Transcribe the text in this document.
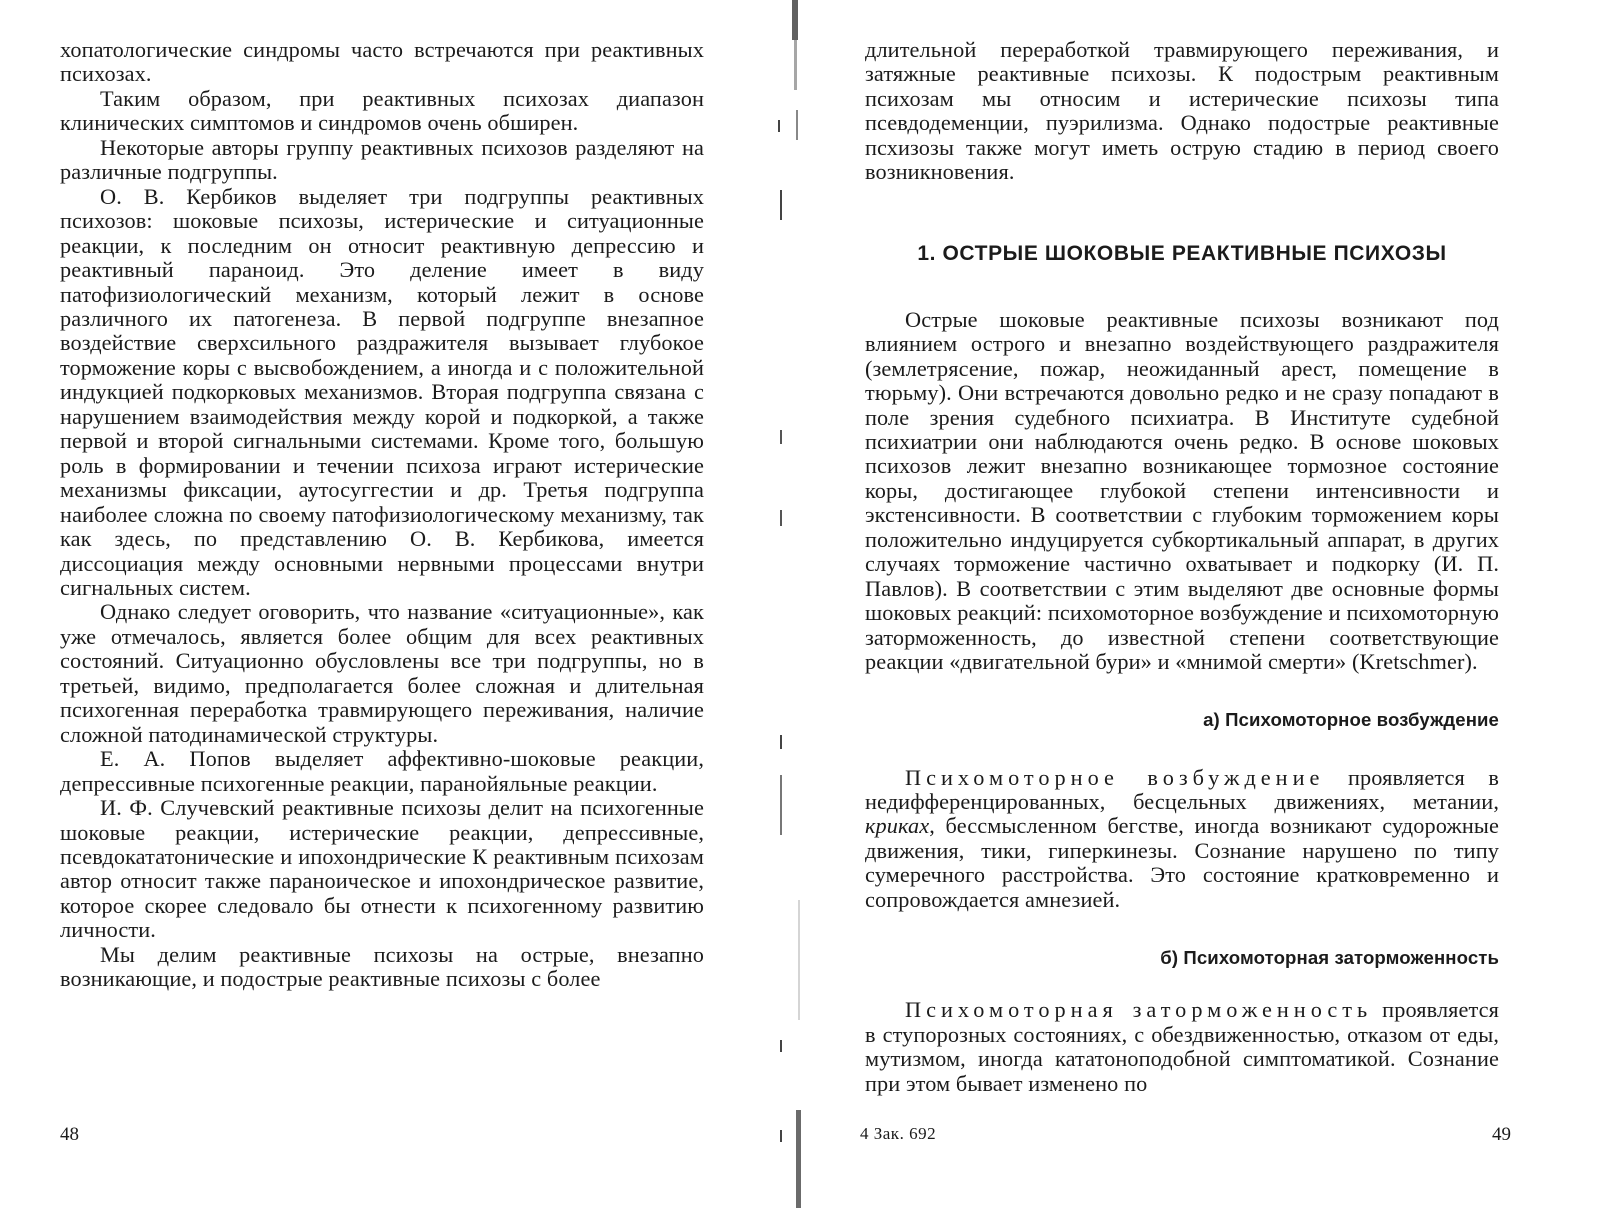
хопатологические синдромы часто встречаются при реактивных психозах.

Таким образом, при реактивных психозах диапазон клинических симптомов и синдромов очень обширен.

Некоторые авторы группу реактивных психозов разделяют на различные подгруппы.

О. В. Кербиков выделяет три подгруппы реактивных психозов: шоковые психозы, истерические и ситуационные реакции, к последним он относит реактивную депрессию и реактивный параноид. Это деление имеет в виду патофизиологический механизм, который лежит в основе различного их патогенеза. В первой подгруппе внезапное воздействие сверхсильного раздражителя вызывает глубокое торможение коры с высвобождением, а иногда и с положительной индукцией подкорковых механизмов. Вторая подгруппа связана с нарушением взаимодействия между корой и подкоркой, а также первой и второй сигнальными системами. Кроме того, большую роль в формировании и течении психоза играют истерические механизмы фиксации, аутосуггестии и др. Третья подгруппа наиболее сложна по своему патофизиологическому механизму, так как здесь, по представлению О. В. Кербикова, имеется диссоциация между основными нервными процессами внутри сигнальных систем.

Однако следует оговорить, что название «ситуационные», как уже отмечалось, является более общим для всех реактивных состояний. Ситуационно обусловлены все три подгруппы, но в третьей, видимо, предполагается более сложная и длительная психогенная переработка травмирующего переживания, наличие сложной патодинамической структуры.

Е. А. Попов выделяет аффективно-шоковые реакции, депрессивные психогенные реакции, паранойяльные реакции.

И. Ф. Случевский реактивные психозы делит на психогенные шоковые реакции, истерические реакции, депрессивные, псевдокататонические и ипохондрические К реактивным психозам автор относит также параноическое и ипохондрическое развитие, которое скорее следовало бы отнести к психогенному развитию личности.

Мы делим реактивные психозы на острые, внезапно возникающие, и подострые реактивные психозы с более

48

длительной переработкой травмирующего переживания, и затяжные реактивные психозы. К подострым реактивным психозам мы относим и истерические психозы типа псевдодеменции, пуэрилизма. Однако подострые реактивные псхизозы также могут иметь острую стадию в период своего возникновения.

1. ОСТРЫЕ ШОКОВЫЕ РЕАКТИВНЫЕ ПСИХОЗЫ

Острые шоковые реактивные психозы возникают под влиянием острого и внезапно воздействующего раздражителя (землетрясение, пожар, неожиданный арест, помещение в тюрьму). Они встречаются довольно редко и не сразу попадают в поле зрения судебного психиатра. В Институте судебной психиатрии они наблюдаются очень редко. В основе шоковых психозов лежит внезапно возникающее тормозное состояние коры, достигающее глубокой степени интенсивности и экстенсивности. В соответствии с глубоким торможением коры положительно индуцируется субкортикальный аппарат, в других случаях торможение частично охватывает и подкорку (И. П. Павлов). В соответствии с этим выделяют две основные формы шоковых реакций: психомоторное возбуждение и психомоторную заторможенность, до известной степени соответствующие реакции «двигательной бури» и «мнимой смерти» (Kretschmer).

а) Психомоторное возбуждение

Психомоторное возбуждение проявляется в недифференцированных, бесцельных движениях, метании, криках, бессмысленном бегстве, иногда возникают судорожные движения, тики, гиперкинезы. Сознание нарушено по типу сумеречного расстройства. Это состояние кратковременно и сопровождается амнезией.

б) Психомоторная заторможенность

Психомоторная заторможенность проявляется в ступорозных состояниях, с обездвиженностью, отказом от еды, мутизмом, иногда кататоноподобной симптоматикой. Сознание при этом бывает изменено по

4 Зак. 692	49
